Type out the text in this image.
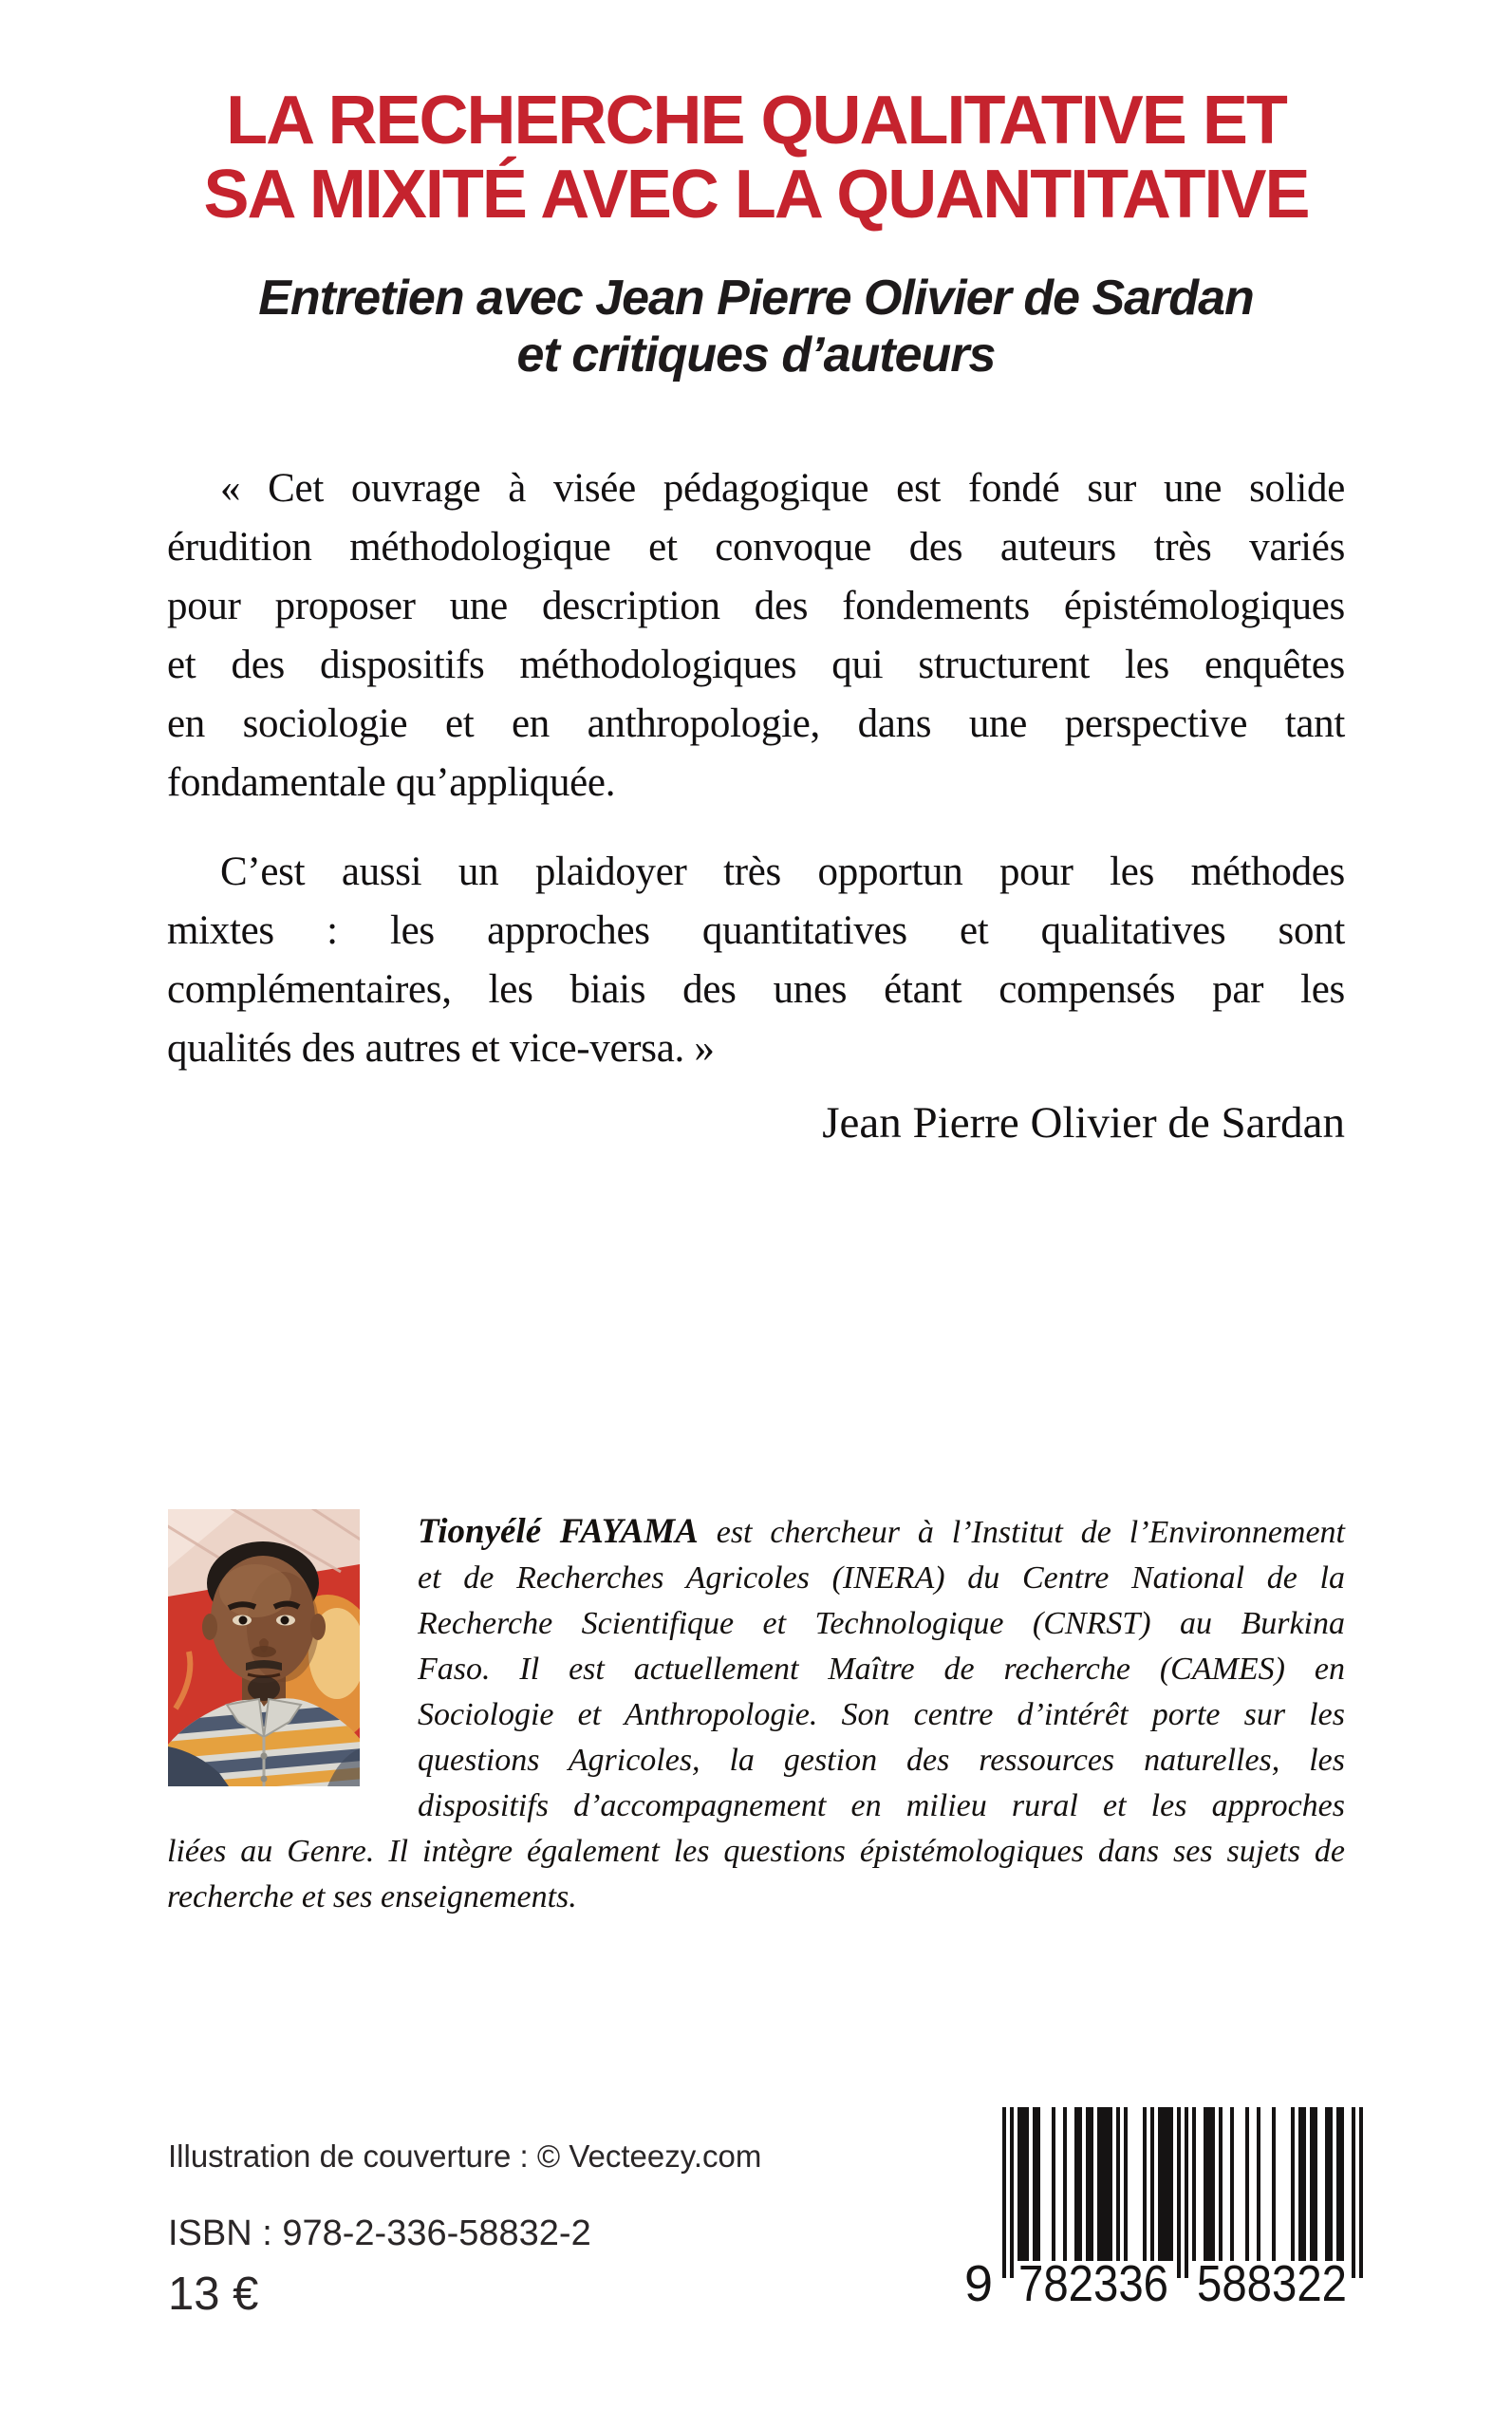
LA RECHERCHE QUALITATIVE ET
SA MIXITÉ AVEC LA QUANTITATIVE
Entretien avec Jean Pierre Olivier de Sardan
et critiques d’auteurs
« Cet ouvrage à visée pédagogique est fondé sur une solide
érudition méthodologique et convoque des auteurs très variés
pour proposer une description des fondements épistémologiques
et des dispositifs méthodologiques qui structurent les enquêtes
en sociologie et en anthropologie, dans une perspective tant
fondamentale qu’appliquée.
C’est aussi un plaidoyer très opportun pour les méthodes
mixtes : les approches quantitatives et qualitatives sont
complémentaires, les biais des unes étant compensés par les
qualités des autres et vice-versa. »
Jean Pierre Olivier de Sardan
Tionyélé FAYAMA est chercheur à l’Institut de l’Environnement
et de Recherches Agricoles (INERA) du Centre National de la
Recherche Scientifique et Technologique (CNRST) au Burkina
Faso. Il est actuellement Maître de recherche (CAMES) en
Sociologie et Anthropologie. Son centre d’intérêt porte sur les
questions Agricoles, la gestion des ressources naturelles, les
dispositifs d’accompagnement en milieu rural et les approches
liées au Genre. Il intègre également les questions épistémologiques dans ses sujets de
recherche et ses enseignements.
Illustration de couverture : © Vecteezy.com
ISBN : 978-2-336-58832-2
13 €	9 782336 588322
